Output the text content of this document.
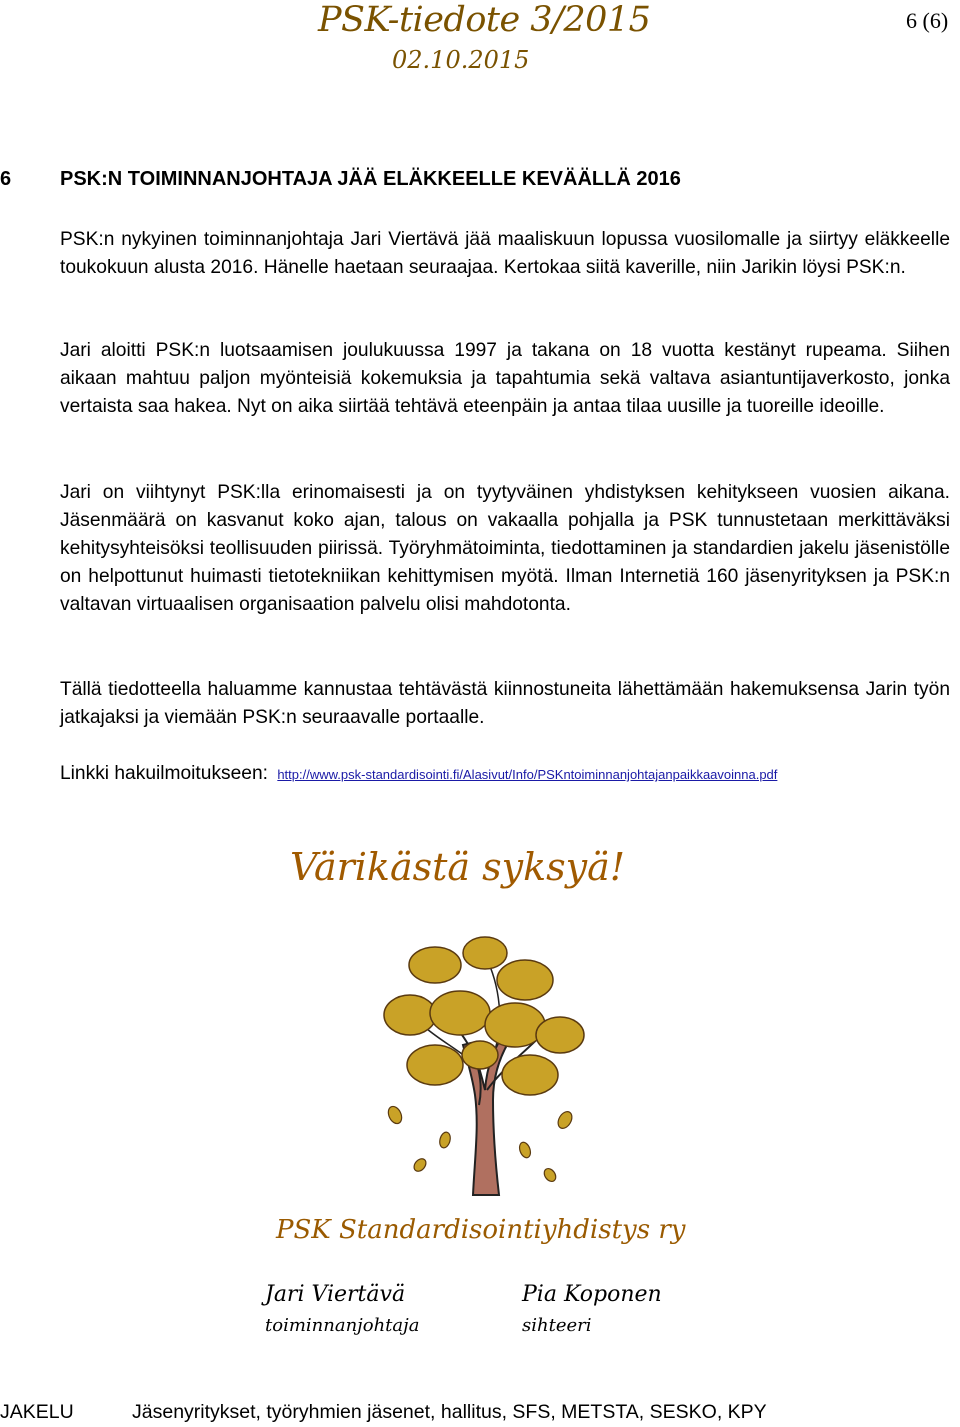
PSK-tiedote 3/2015	6 (6)
02.10.2015
6 PSK:N TOIMINNANJOHTAJA JÄÄ ELÄKKEELLE KEVÄÄLLÄ 2016

PSK:n nykyinen toiminnanjohtaja Jari Viertävä jää maaliskuun lopussa vuosilomalle ja siirtyy eläkkeelle toukokuun alusta 2016. Hänelle haetaan seuraajaa. Kertokaa siitä kaverille, niin Jarikin löysi PSK:n.

Jari aloitti PSK:n luotsaamisen joulukuussa 1997 ja takana on 18 vuotta kestänyt rupeama. Siihen aikaan mahtuu paljon myönteisiä kokemuksia ja tapahtumia sekä valtava asiantuntijaverkosto, jonka vertaista saa hakea. Nyt on aika siirtää tehtävä eteenpäin ja antaa tilaa uusille ja tuoreille ideoille.

Jari on viihtynyt PSK:lla erinomaisesti ja on tyytyväinen yhdistyksen kehitykseen vuosien aikana. Jäsenmäärä on kasvanut koko ajan, talous on vakaalla pohjalla ja PSK tunnustetaan merkittäväksi kehitysyhteisöksi teollisuuden piirissä. Työryhmätoiminta, tiedottaminen ja standardien jakelu jäsenistölle on helpottunut huimasti tietotekniikan kehittymisen myötä. Ilman Internetiä 160 jäsenyrityksen ja PSK:n valtavan virtuaalisen organisaation palvelu olisi mahdotonta.

Tällä tiedotteella haluamme kannustaa tehtävästä kiinnostuneita lähettämään hakemuksensa Jarin työn jatkajaksi ja viemään PSK:n seuraavalle portaalle.

Linkki hakuilmoitukseen: http://www.psk-standardisointi.fi/Alasivut/Info/PSKntoiminnanjohtajanpaikkaavoinna.pdf
Värikästä syksyä!
PSK Standardisointiyhdistys ry
Jari Viertävä
toiminnanjohtaja
Pia Koponen
sihteeri
JAKELU	Jäsenyritykset, työryhmien jäsenet, hallitus, SFS, METSTA, SESKO, KPY
